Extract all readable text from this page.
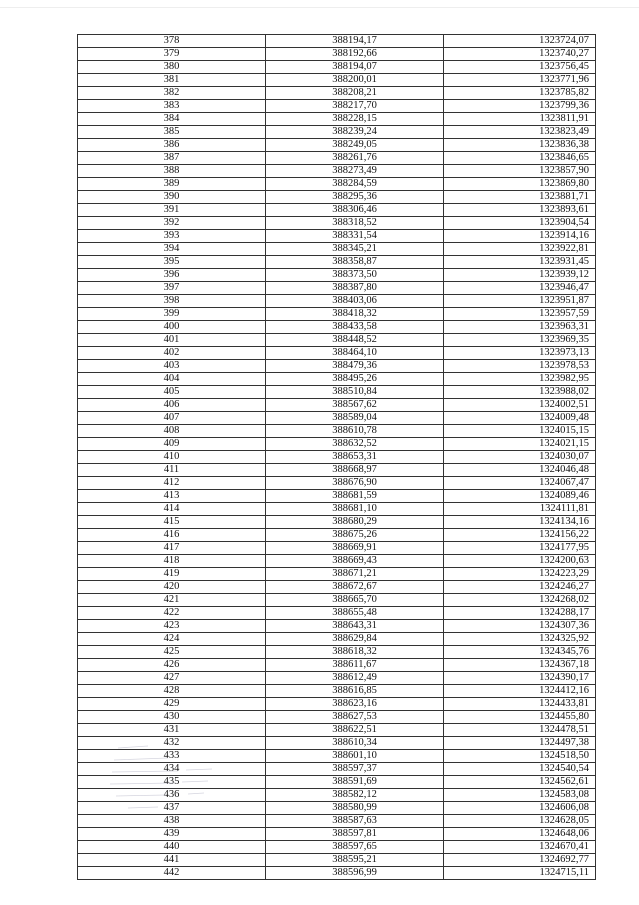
378	388194,17	1323724,07
379	388192,66	1323740,27
380	388194,07	1323756,45
381	388200,01	1323771,96
382	388208,21	1323785,82
383	388217,70	1323799,36
384	388228,15	1323811,91
385	388239,24	1323823,49
386	388249,05	1323836,38
387	388261,76	1323846,65
388	388273,49	1323857,90
389	388284,59	1323869,80
390	388295,36	1323881,71
391	388306,46	1323893,61
392	388318,52	1323904,54
393	388331,54	1323914,16
394	388345,21	1323922,81
395	388358,87	1323931,45
396	388373,50	1323939,12
397	388387,80	1323946,47
398	388403,06	1323951,87
399	388418,32	1323957,59
400	388433,58	1323963,31
401	388448,52	1323969,35
402	388464,10	1323973,13
403	388479,36	1323978,53
404	388495,26	1323982,95
405	388510,84	1323988,02
406	388567,62	1324002,51
407	388589,04	1324009,48
408	388610,78	1324015,15
409	388632,52	1324021,15
410	388653,31	1324030,07
411	388668,97	1324046,48
412	388676,90	1324067,47
413	388681,59	1324089,46
414	388681,10	1324111,81
415	388680,29	1324134,16
416	388675,26	1324156,22
417	388669,91	1324177,95
418	388669,43	1324200,63
419	388671,21	1324223,29
420	388672,67	1324246,27
421	388665,70	1324268,02
422	388655,48	1324288,17
423	388643,31	1324307,36
424	388629,84	1324325,92
425	388618,32	1324345,76
426	388611,67	1324367,18
427	388612,49	1324390,17
428	388616,85	1324412,16
429	388623,16	1324433,81
430	388627,53	1324455,80
431	388622,51	1324478,51
432	388610,34	1324497,38
433	388601,10	1324518,50
434	388597,37	1324540,54
435	388591,69	1324562,61
436	388582,12	1324583,08
437	388580,99	1324606,08
438	388587,63	1324628,05
439	388597,81	1324648,06
440	388597,65	1324670,41
441	388595,21	1324692,77
442	388596,99	1324715,11
